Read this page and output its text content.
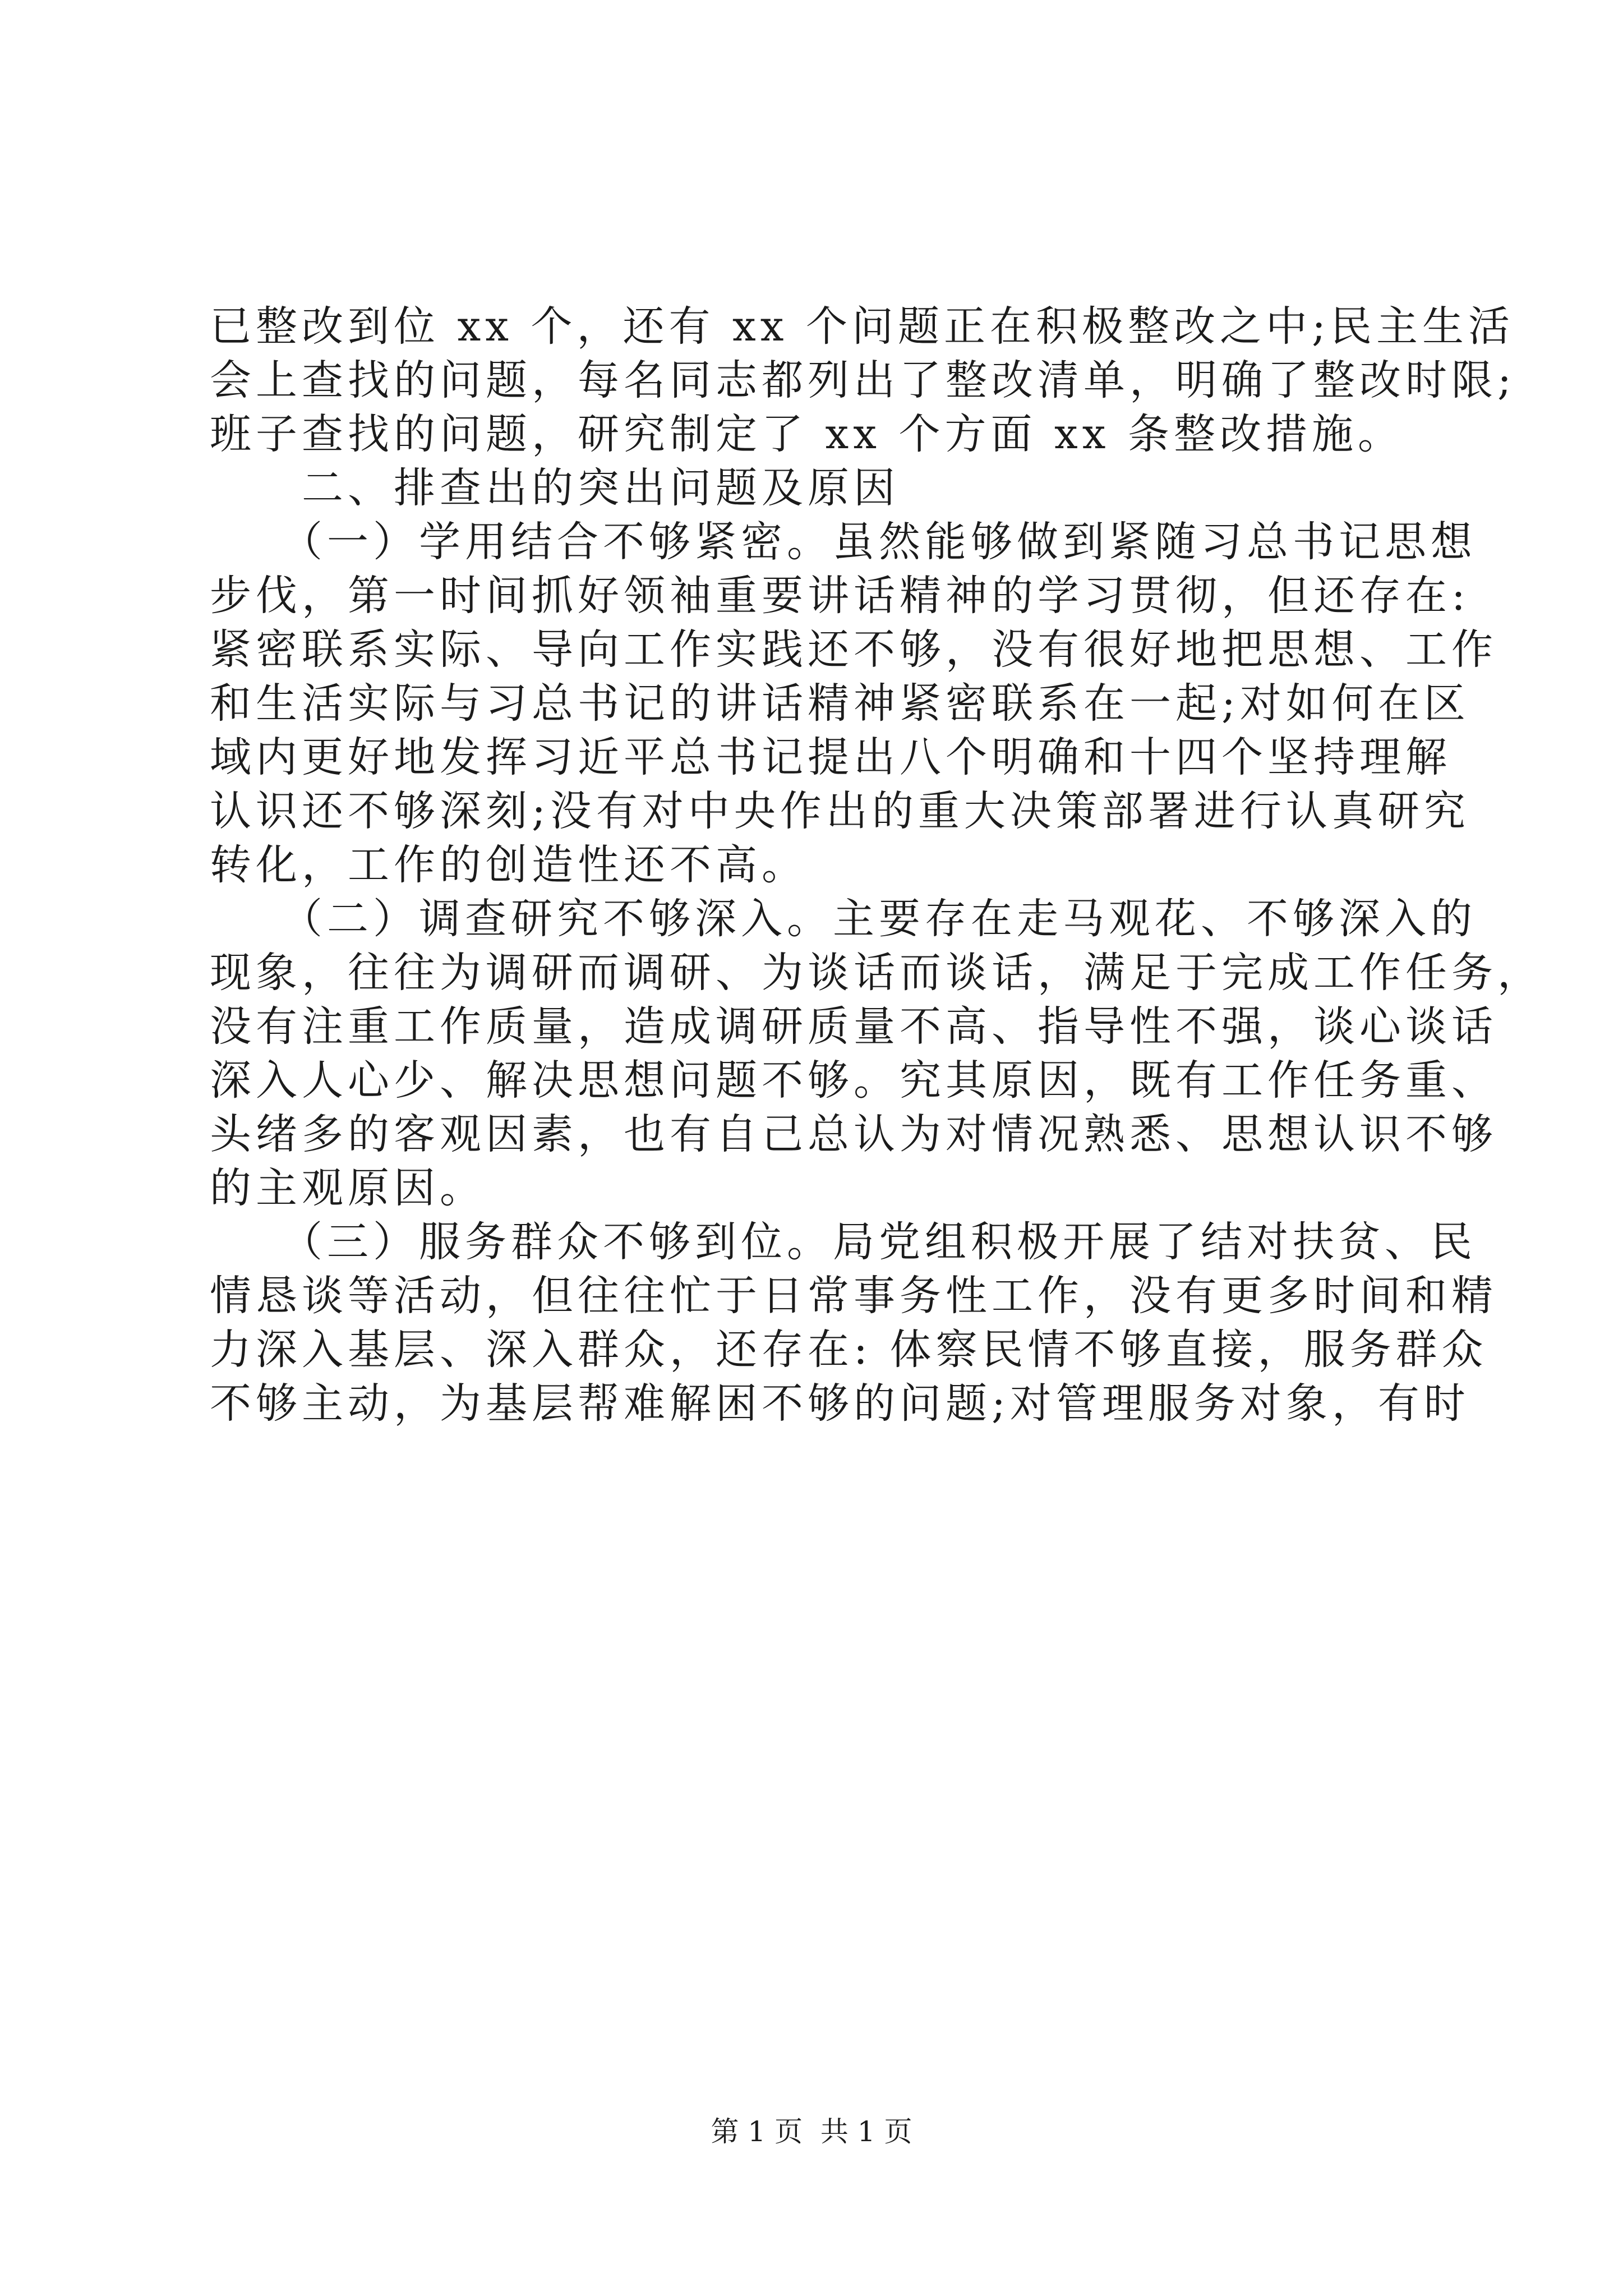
已整改到位 xx 个，还有 xx 个问题正在积极整改之中;民主生活
会上查找的问题，每名同志都列出了整改清单，明确了整改时限;
班子查找的问题，研究制定了 xx 个方面 xx 条整改措施。
　　二、排查出的突出问题及原因
　　（一）学用结合不够紧密。虽然能够做到紧随习总书记思想
步伐，第一时间抓好领袖重要讲话精神的学习贯彻，但还存在:
紧密联系实际、导向工作实践还不够，没有很好地把思想、工作
和生活实际与习总书记的讲话精神紧密联系在一起;对如何在区
域内更好地发挥习近平总书记提出八个明确和十四个坚持理解
认识还不够深刻;没有对中央作出的重大决策部署进行认真研究
转化，工作的创造性还不高。
　　（二）调查研究不够深入。主要存在走马观花、不够深入的
现象，往往为调研而调研、为谈话而谈话，满足于完成工作任务，
没有注重工作质量，造成调研质量不高、指导性不强，谈心谈话
深入人心少、解决思想问题不够。究其原因，既有工作任务重、
头绪多的客观因素，也有自己总认为对情况熟悉、思想认识不够
的主观原因。
　　（三）服务群众不够到位。局党组积极开展了结对扶贫、民
情恳谈等活动，但往往忙于日常事务性工作，没有更多时间和精
力深入基层、深入群众，还存在: 体察民情不够直接，服务群众
不够主动，为基层帮难解困不够的问题;对管理服务对象，有时
第 1 页  共 1 页
